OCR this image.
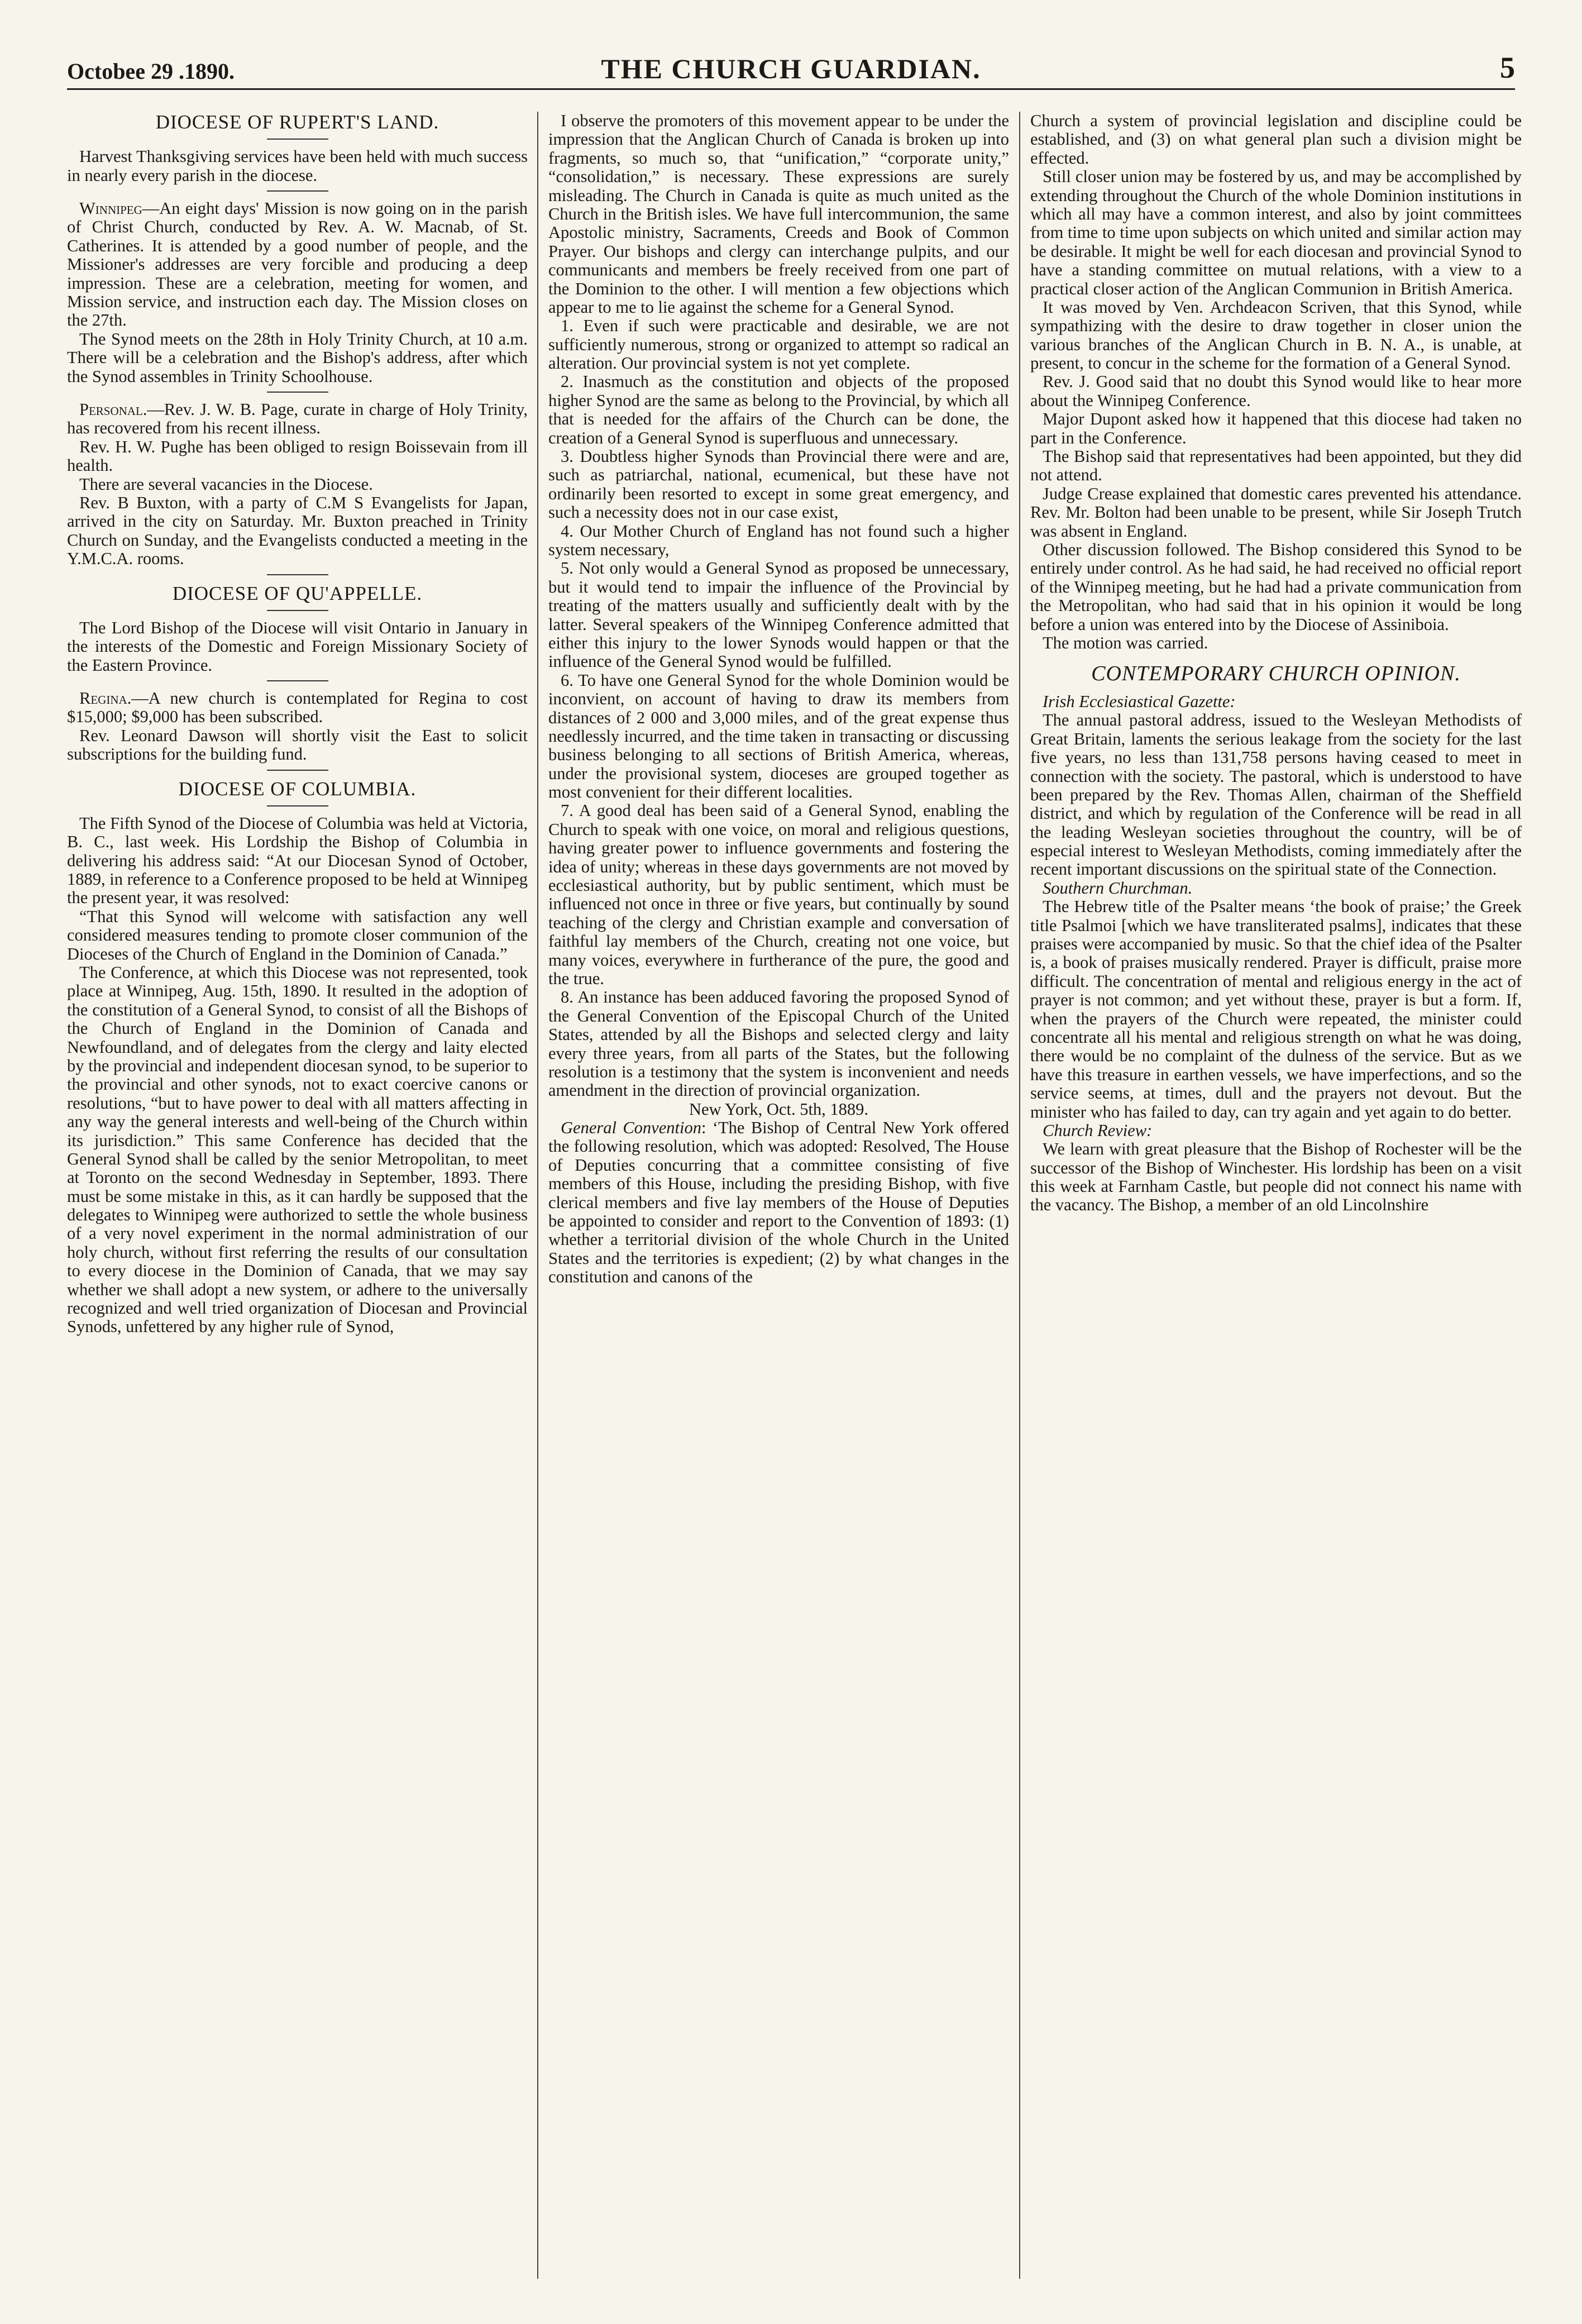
Octobee 29 .1890.	THE CHURCH GUARDIAN.	5
DIOCESE OF RUPERT'S LAND.

Harvest Thanksgiving services have been held with much success in nearly every parish in the diocese.

Winnipeg—An eight days' Mission is now going on in the parish of Christ Church, conducted by Rev. A. W. Macnab, of St. Catherines. It is attended by a good number of people, and the Missioner's addresses are very forcible and producing a deep impression. These are a celebration, meeting for women, and Mission service, and instruction each day. The Mission closes on the 27th.

The Synod meets on the 28th in Holy Trinity Church, at 10 a.m. There will be a celebration and the Bishop's address, after which the Synod assembles in Trinity Schoolhouse.

Personal.—Rev. J. W. B. Page, curate in charge of Holy Trinity, has recovered from his recent illness.

Rev. H. W. Pughe has been obliged to resign Boissevain from ill health.

There are several vacancies in the Diocese.

Rev. B Buxton, with a party of C.M S Evangelists for Japan, arrived in the city on Saturday. Mr. Buxton preached in Trinity Church on Sunday, and the Evangelists conducted a meeting in the Y.M.C.A. rooms.

DIOCESE OF QU'APPELLE.

The Lord Bishop of the Diocese will visit Ontario in January in the interests of the Domestic and Foreign Missionary Society of the Eastern Province.

Regina.—A new church is contemplated for Regina to cost $15,000; $9,000 has been subscribed.

Rev. Leonard Dawson will shortly visit the East to solicit subscriptions for the building fund.

DIOCESE OF COLUMBIA.

The Fifth Synod of the Diocese of Columbia was held at Victoria, B. C., last week. His Lordship the Bishop of Columbia in delivering his address said: “At our Diocesan Synod of October, 1889, in reference to a Conference proposed to be held at Winnipeg the present year, it was resolved:

“That this Synod will welcome with satisfaction any well considered measures tending to promote closer communion of the Dioceses of the Church of England in the Dominion of Canada.”

The Conference, at which this Diocese was not represented, took place at Winnipeg, Aug. 15th, 1890. It resulted in the adoption of the constitution of a General Synod, to consist of all the Bishops of the Church of England in the Dominion of Canada and Newfoundland, and of delegates from the clergy and laity elected by the provincial and independent diocesan synod, to be superior to the provincial and other synods, not to exact coercive canons or resolutions, “but to have power to deal with all matters affecting in any way the general interests and well-being of the Church within its jurisdiction.” This same Conference has decided that the General Synod shall be called by the senior Metropolitan, to meet at Toronto on the second Wednesday in September, 1893. There must be some mistake in this, as it can hardly be supposed that the delegates to Winnipeg were authorized to settle the whole business of a very novel experiment in the normal administration of our holy church, without first referring the results of our consultation to every diocese in the Dominion of Canada, that we may say whether we shall adopt a new system, or adhere to the universally recognized and well tried organization of Diocesan and Provincial Synods, unfettered by any higher rule of Synod,

I observe the promoters of this movement appear to be under the impression that the Anglican Church of Canada is broken up into fragments, so much so, that “unification,” “corporate unity,” “consolidation,” is necessary. These expressions are surely misleading. The Church in Canada is quite as much united as the Church in the British isles. We have full intercommunion, the same Apostolic ministry, Sacraments, Creeds and Book of Common Prayer. Our bishops and clergy can interchange pulpits, and our communicants and members be freely received from one part of the Dominion to the other. I will mention a few objections which appear to me to lie against the scheme for a General Synod.

1. Even if such were practicable and desirable, we are not sufficiently numerous, strong or organized to attempt so radical an alteration. Our provincial system is not yet complete.

2. Inasmuch as the constitution and objects of the proposed higher Synod are the same as belong to the Provincial, by which all that is needed for the affairs of the Church can be done, the creation of a General Synod is superfluous and unnecessary.

3. Doubtless higher Synods than Provincial there were and are, such as patriarchal, national, ecumenical, but these have not ordinarily been resorted to except in some great emergency, and such a necessity does not in our case exist,

4. Our Mother Church of England has not found such a higher system necessary,

5. Not only would a General Synod as proposed be unnecessary, but it would tend to impair the influence of the Provincial by treating of the matters usually and sufficiently dealt with by the latter. Several speakers of the Winnipeg Conference admitted that either this injury to the lower Synods would happen or that the influence of the General Synod would be fulfilled.

6. To have one General Synod for the whole Dominion would be inconvient, on account of having to draw its members from distances of 2 000 and 3,000 miles, and of the great expense thus needlessly incurred, and the time taken in transacting or discussing business belonging to all sections of British America, whereas, under the provisional system, dioceses are grouped together as most convenient for their different localities.

7. A good deal has been said of a General Synod, enabling the Church to speak with one voice, on moral and religious questions, having greater power to influence governments and fostering the idea of unity; whereas in these days governments are not moved by ecclesiastical authority, but by public sentiment, which must be influenced not once in three or five years, but continually by sound teaching of the clergy and Christian example and conversation of faithful lay members of the Church, creating not one voice, but many voices, everywhere in furtherance of the pure, the good and the true.

8. An instance has been adduced favoring the proposed Synod of the General Convention of the Episcopal Church of the United States, attended by all the Bishops and selected clergy and laity every three years, from all parts of the States, but the following resolution is a testimony that the system is inconvenient and needs amendment in the direction of provincial organization.

New York, Oct. 5th, 1889.

General Convention: ‘The Bishop of Central New York offered the following resolution, which was adopted: Resolved, The House of Deputies concurring that a committee consisting of five members of this House, including the presiding Bishop, with five clerical members and five lay members of the House of Deputies be appointed to consider and report to the Convention of 1893: (1) whether a territorial division of the whole Church in the United States and the territories is expedient; (2) by what changes in the constitution and canons of the

Church a system of provincial legislation and discipline could be established, and (3) on what general plan such a division might be effected.

Still closer union may be fostered by us, and may be accomplished by extending throughout the Church of the whole Dominion institutions in which all may have a common interest, and also by joint committees from time to time upon subjects on which united and similar action may be desirable. It might be well for each diocesan and provincial Synod to have a standing committee on mutual relations, with a view to a practical closer action of the Anglican Communion in British America.

It was moved by Ven. Archdeacon Scriven, that this Synod, while sympathizing with the desire to draw together in closer union the various branches of the Anglican Church in B. N. A., is unable, at present, to concur in the scheme for the formation of a General Synod.

Rev. J. Good said that no doubt this Synod would like to hear more about the Winnipeg Conference.

Major Dupont asked how it happened that this diocese had taken no part in the Conference.

The Bishop said that representatives had been appointed, but they did not attend.

Judge Crease explained that domestic cares prevented his attendance. Rev. Mr. Bolton had been unable to be present, while Sir Joseph Trutch was absent in England.

Other discussion followed. The Bishop considered this Synod to be entirely under control. As he had said, he had received no official report of the Winnipeg meeting, but he had had a private communication from the Metropolitan, who had said that in his opinion it would be long before a union was entered into by the Diocese of Assiniboia.

The motion was carried.

CONTEMPORARY CHURCH OPINION.

Irish Ecclesiastical Gazette:

The annual pastoral address, issued to the Wesleyan Methodists of Great Britain, laments the serious leakage from the society for the last five years, no less than 131,758 persons having ceased to meet in connection with the society. The pastoral, which is understood to have been prepared by the Rev. Thomas Allen, chairman of the Sheffield district, and which by regulation of the Conference will be read in all the leading Wesleyan societies throughout the country, will be of especial interest to Wesleyan Methodists, coming immediately after the recent important discussions on the spiritual state of the Connection.

Southern Churchman.

The Hebrew title of the Psalter means ‘the book of praise;’ the Greek title Psalmoi [which we have transliterated psalms], indicates that these praises were accompanied by music. So that the chief idea of the Psalter is, a book of praises musically rendered. Prayer is difficult, praise more difficult. The concentration of mental and religious energy in the act of prayer is not common; and yet without these, prayer is but a form. If, when the prayers of the Church were repeated, the minister could concentrate all his mental and religious strength on what he was doing, there would be no complaint of the dulness of the service. But as we have this treasure in earthen vessels, we have imperfections, and so the service seems, at times, dull and the prayers not devout. But the minister who has failed to day, can try again and yet again to do better.

Church Review:

We learn with great pleasure that the Bishop of Rochester will be the successor of the Bishop of Winchester. His lordship has been on a visit this week at Farnham Castle, but people did not connect his name with the vacancy. The Bishop, a member of an old Lincolnshire
